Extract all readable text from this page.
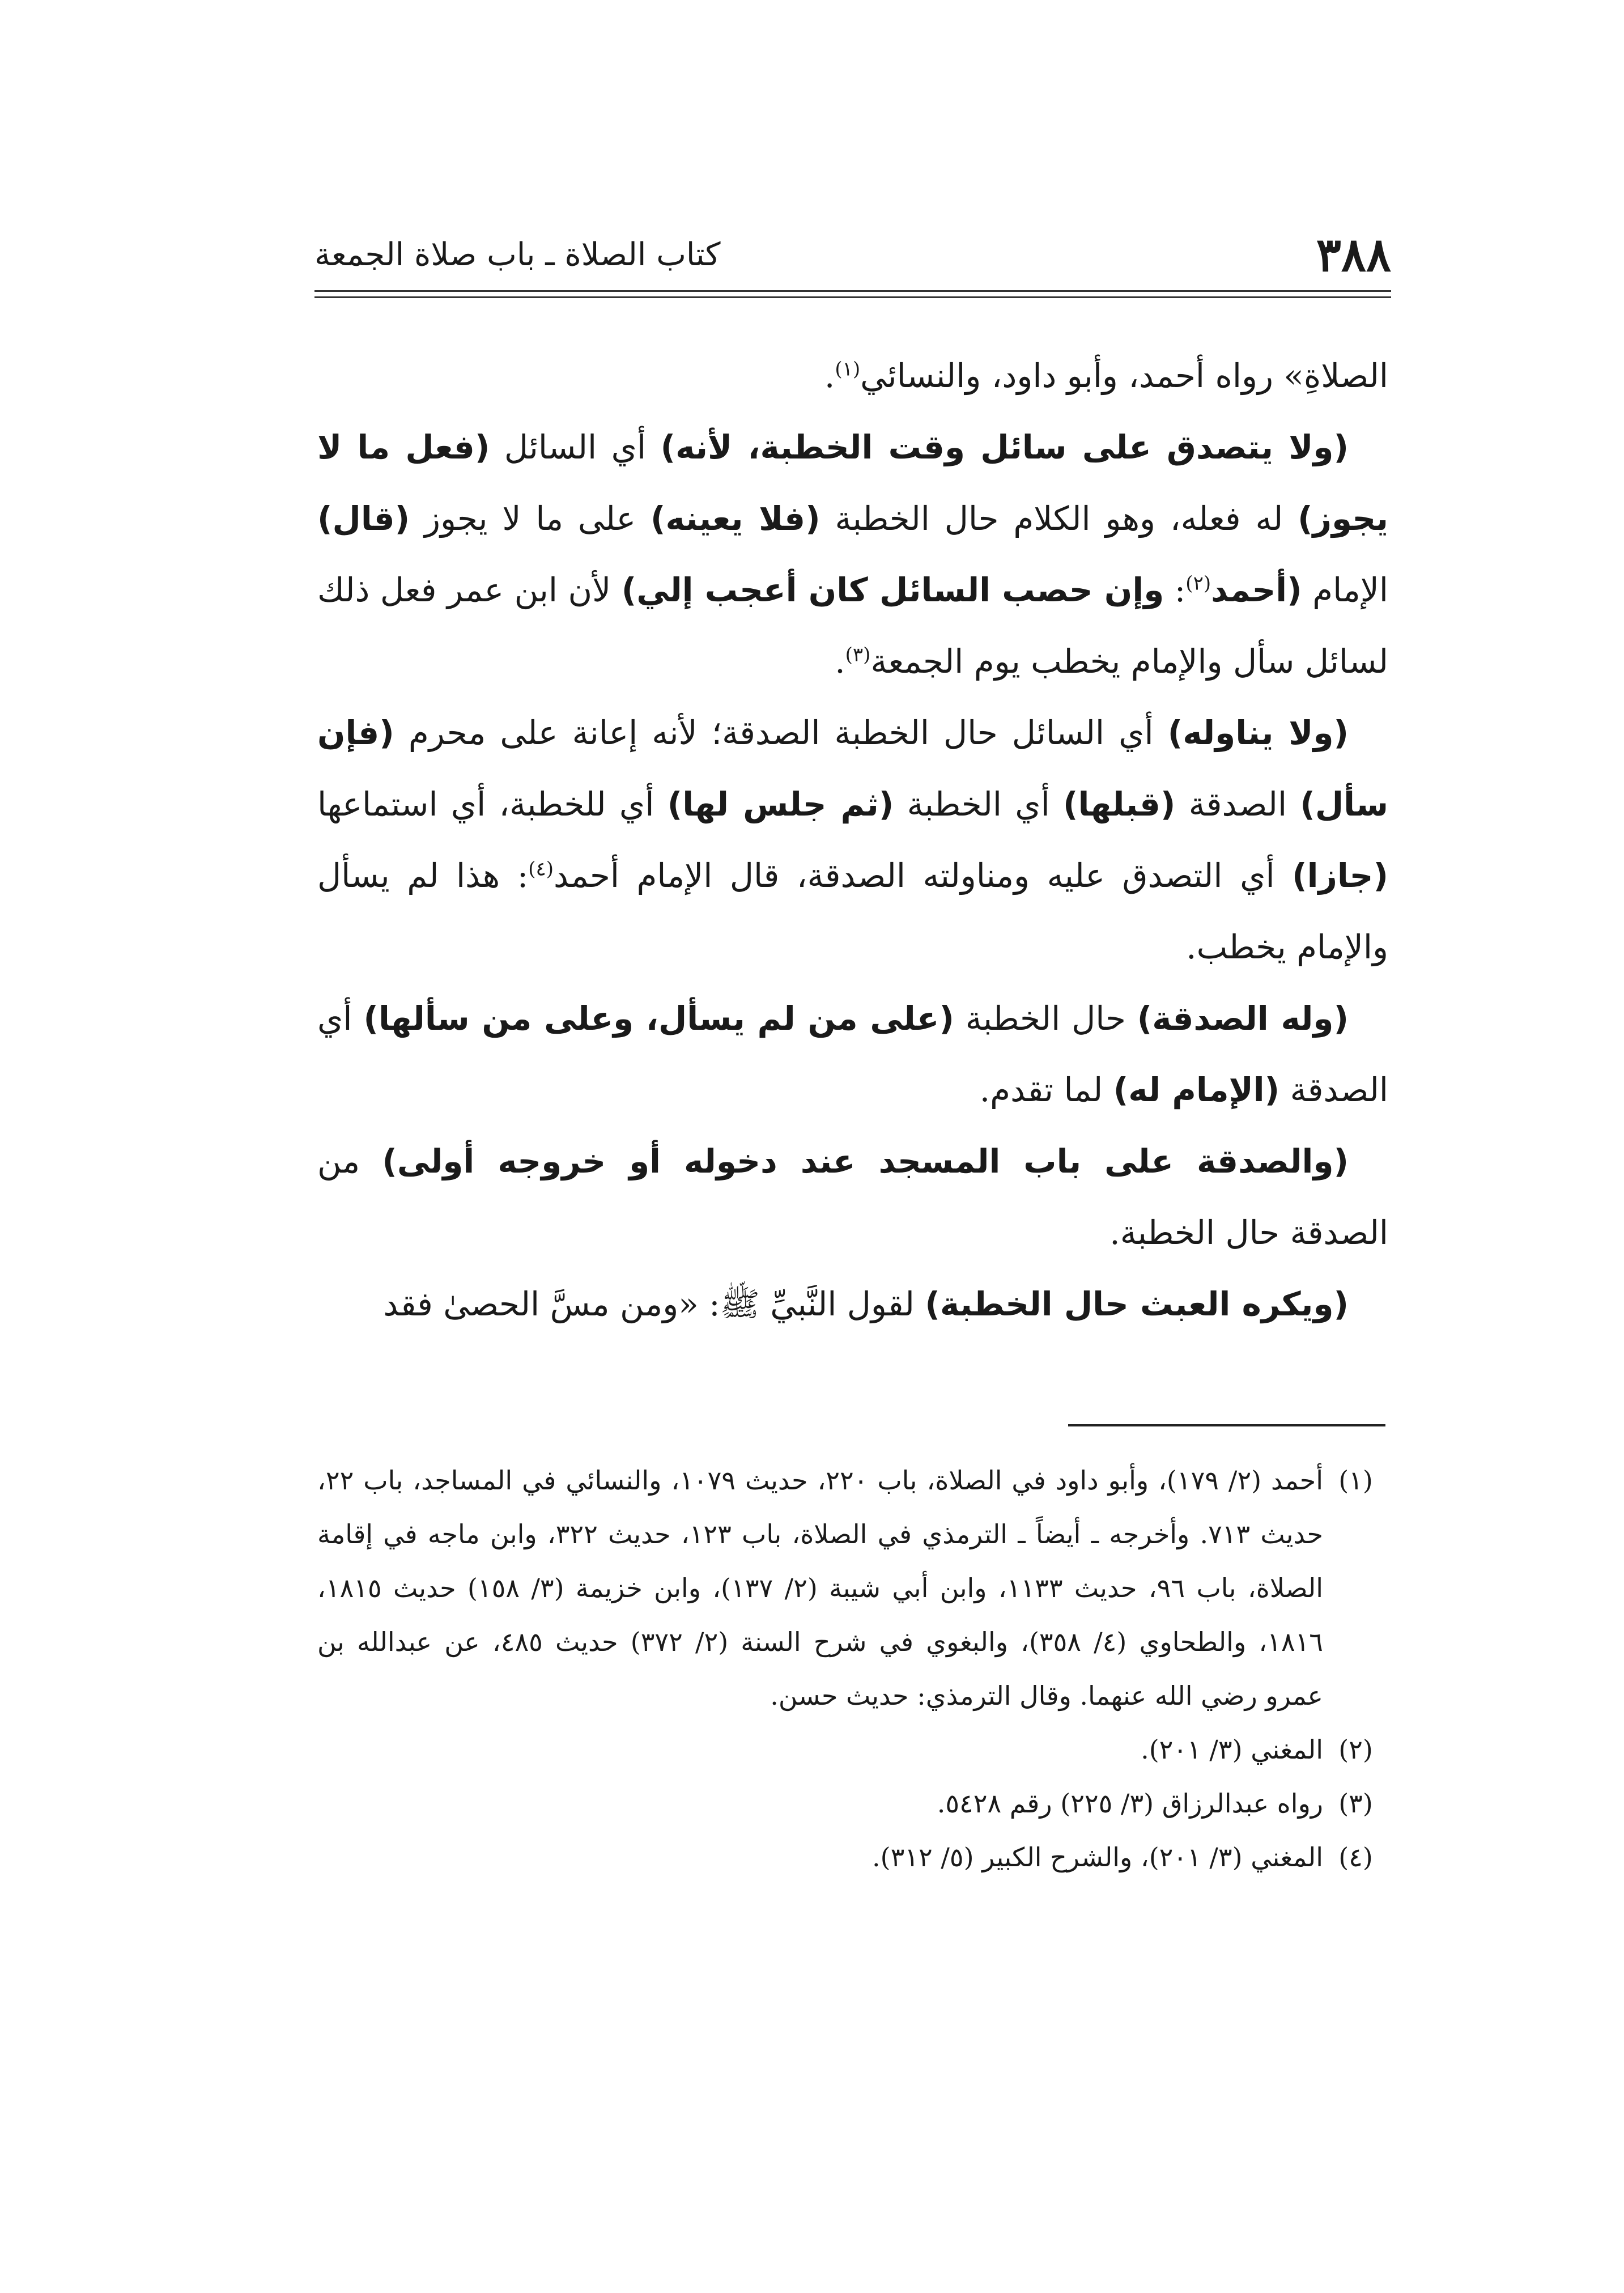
٣٨٨
كتاب الصلاة ـ باب صلاة الجمعة

الصلاةِ» رواه أحمد، وأبو داود، والنسائي$^{(١)}$.

(ولا يتصدق على سائل وقت الخطبة، لأنه) أي السائل (فعل ما لا يجوز) له فعله، وهو الكلام حال الخطبة (فلا يعينه) على ما لا يجوز (قال) الإمام (أحمد$^{(٢)}$: وإن حصب السائل كان أعجب إلي) لأن ابن عمر فعل ذلك لسائل سأل والإمام يخطب يوم الجمعة$^{(٣)}$.

(ولا يناوله) أي السائل حال الخطبة الصدقة؛ لأنه إعانة على محرم (فإن سأل) الصدقة (قبلها) أي الخطبة (ثم جلس لها) أي للخطبة، أي استماعها (جازا) أي التصدق عليه ومناولته الصدقة، قال الإمام أحمد$^{(٤)}$: هذا لم يسأل والإمام يخطب.

(وله الصدقة) حال الخطبة (على من لم يسأل، وعلى من سألها) أي الصدقة (الإمام له) لما تقدم.

(والصدقة على باب المسجد عند دخوله أو خروجه أولى) من الصدقة حال الخطبة.

(ويكره العبث حال الخطبة) لقول النَّبيِّ ﷺ: «ومن مسَّ الحصىٰ فقد

(١)
أحمد (٢/ ١٧٩)، وأبو داود في الصلاة، باب ٢٢٠، حديث ١٠٧٩، والنسائي في المساجد، باب ٢٢، حديث ٧١٣. وأخرجه ـ أيضاً ـ الترمذي في الصلاة، باب ١٢٣، حديث ٣٢٢، وابن ماجه في إقامة الصلاة، باب ٩٦، حديث ١١٣٣، وابن أبي شيبة (٢/ ١٣٧)، وابن خزيمة (٣/ ١٥٨) حديث ١٨١٥، ١٨١٦، والطحاوي (٤/ ٣٥٨)، والبغوي في شرح السنة (٢/ ٣٧٢) حديث ٤٨٥، عن عبدالله بن عمرو رضي الله عنهما. وقال الترمذي: حديث حسن.
(٢)
المغني (٣/ ٢٠١).
(٣)
رواه عبدالرزاق (٣/ ٢٢٥) رقم ٥٤٢٨.
(٤)
المغني (٣/ ٢٠١)، والشرح الكبير (٥/ ٣١٢).
